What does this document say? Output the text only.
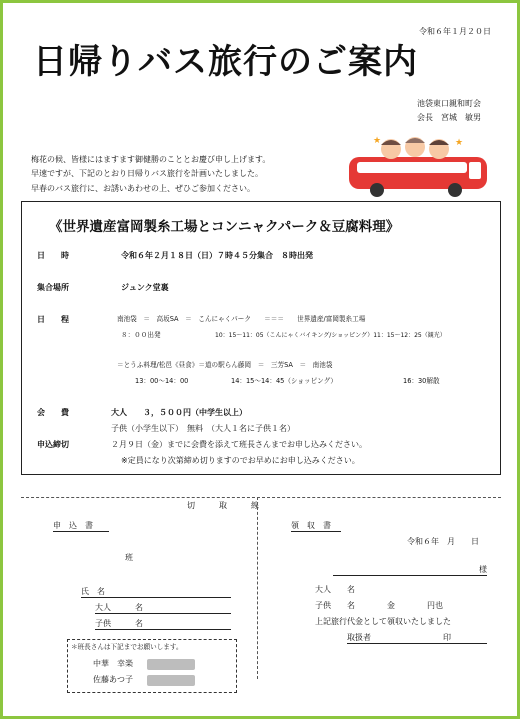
令和６年１月２０日
日帰りバス旅行のご案内
池袋東口親和町会
会長　宮城　敏男
梅花の候、皆様にはますます御健勝のこととお慶び申し上げます。
早速ですが、下記のとおり日帰りバス旅行を計画いたしました。
早春のバス旅行に、お誘いあわせの上、ぜひご参加ください。
★	★
《世界遺産富岡製糸工場とコンニャクパーク＆豆腐料理》
日　　時	令和６年２月１８日（日）７時４５分集合　８時出発
集合場所	ジュンク堂裏
日　　程	南池袋　＝　高坂SA　＝　こんにゃくパーク　　＝＝＝　　世界遺産/富岡製糸工場
８：００出発	10：15〜11：05（こんにゃくバイキング/ショッピング）11：15〜12：25（観光）
＝とうふ料理/松邑《昼食》＝道の駅らん藤岡　＝　三芳SA　＝　南池袋
13：00〜14：00	14：15〜14：45（ショッピング）	16：30解散
会　　費	大人　　３，５００円（中学生以上）
子供（小学生以下）　無料　（大人１名に子供１名）
申込締切	２月９日（金）までに会費を添えて班長さんまでお申し込みください。
※定員になり次第締め切りますのでお早めにお申し込みください。
切　　　取　　　線
申　込　書
班
氏　名
大人　　　名
子供　　　名
＊班長さんは下記までお願いします。
中華　幸楽
佐藤あつ子
領　収　書
令和６年　月　　日
様
大人　　名
子供　　名　　　　金　　　　円也
上記旅行代金として領収いたしました
取扱者　　　　　　　　　印
